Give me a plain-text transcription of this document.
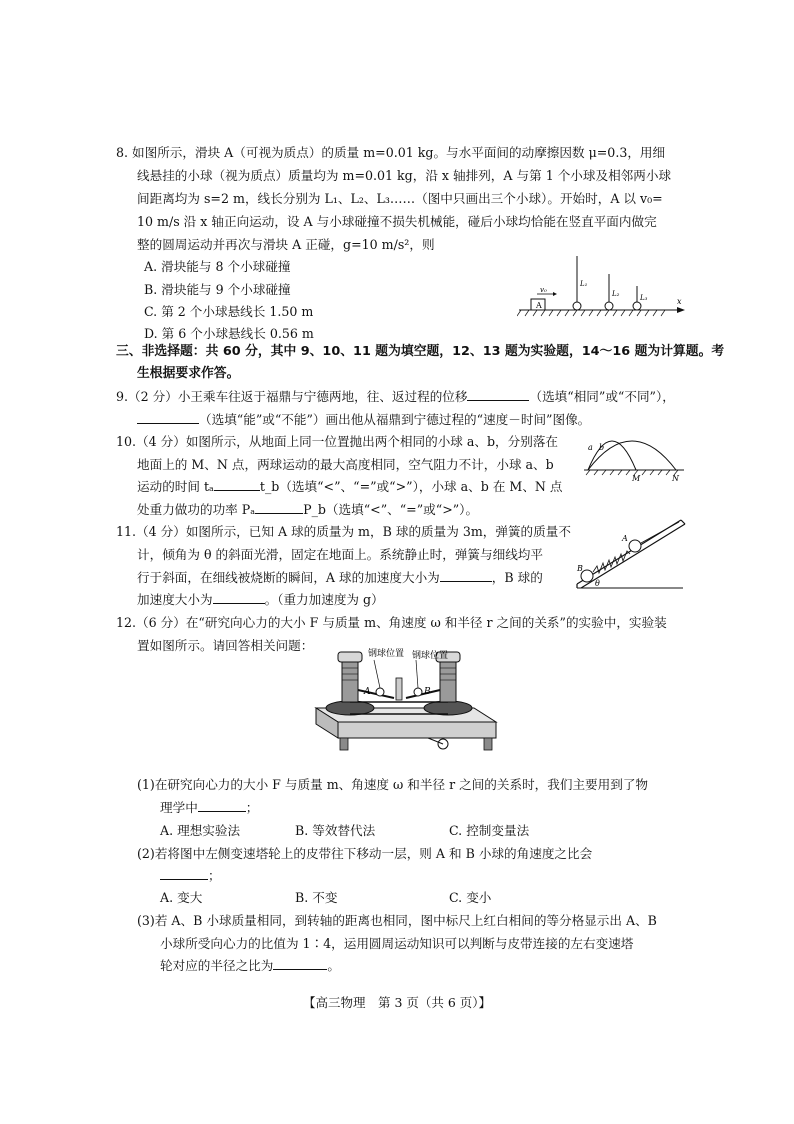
8. 如图所示，滑块 A（可视为质点）的质量 m=0.01 kg。与水平面间的动摩擦因数 μ=0.3，用细
线悬挂的小球（视为质点）质量均为 m=0.01 kg，沿 x 轴排列，A 与第 1 个小球及相邻两小球
间距离均为 s=2 m，线长分别为 L₁、L₂、L₃……（图中只画出三个小球）。开始时，A 以 v₀=
10 m/s 沿 x 轴正向运动，设 A 与小球碰撞不损失机械能，碰后小球均恰能在竖直平面内做完
整的圆周运动并再次与滑块 A 正碰，g=10 m/s²，则
A. 滑块能与 8 个小球碰撞
B. 滑块能与 9 个小球碰撞
C. 第 2 个小球悬线长 1.50 m
D. 第 6 个小球悬线长 0.56 m
A
v₀
L₁
L₂	L₃	x
三、非选择题：共 60 分，其中 9、10、11 题为填空题，12、13 题为实验题，14～16 题为计算题。考
生根据要求作答。
9.（2 分）小王乘车往返于福鼎与宁德两地，往、返过程的位移	（选填“相同”或“不同”），
（选填“能”或“不能”）画出他从福鼎到宁德过程的“速度－时间”图像。
10.（4 分）如图所示，从地面上同一位置抛出两个相同的小球 a、b，分别落在
地面上的 M、N 点，两球运动的最大高度相同，空气阻力不计，小球 a、b
运动的时间 tₐ	t_b（选填“<”、“=”或“>”），小球 a、b 在 M、N 点
处重力做功的功率 Pₐ	P_b（选填“<”、“=”或“>”）。
a b
M	N
11.（4 分）如图所示，已知 A 球的质量为 m，B 球的质量为 3m，弹簧的质量不
计，倾角为 θ 的斜面光滑，固定在地面上。系统静止时，弹簧与细线均平
行于斜面，在细线被烧断的瞬间，A 球的加速度大小为	，B 球的
加速度大小为	。（重力加速度为 g）
B
A
θ
12.（6 分）在“研究向心力的大小 F 与质量 m、角速度 ω 和半径 r 之间的关系”的实验中，实验装
置如图所示。请回答相关问题：
钢球位置 钢球位置
A	B
(1)在研究向心力的大小 F 与质量 m、角速度 ω 和半径 r 之间的关系时，我们主要用到了物
理学中	；
A. 理想实验法	B. 等效替代法	C. 控制变量法
(2)若将图中左侧变速塔轮上的皮带往下移动一层，则 A 和 B 小球的角速度之比会
；
A. 变大	B. 不变	C. 变小
(3)若 A、B 小球质量相同，到转轴的距离也相同，图中标尺上红白相间的等分格显示出 A、B
小球所受向心力的比值为 1∶4，运用圆周运动知识可以判断与皮带连接的左右变速塔
轮对应的半径之比为	。
【高三物理　第 3 页（共 6 页）】
